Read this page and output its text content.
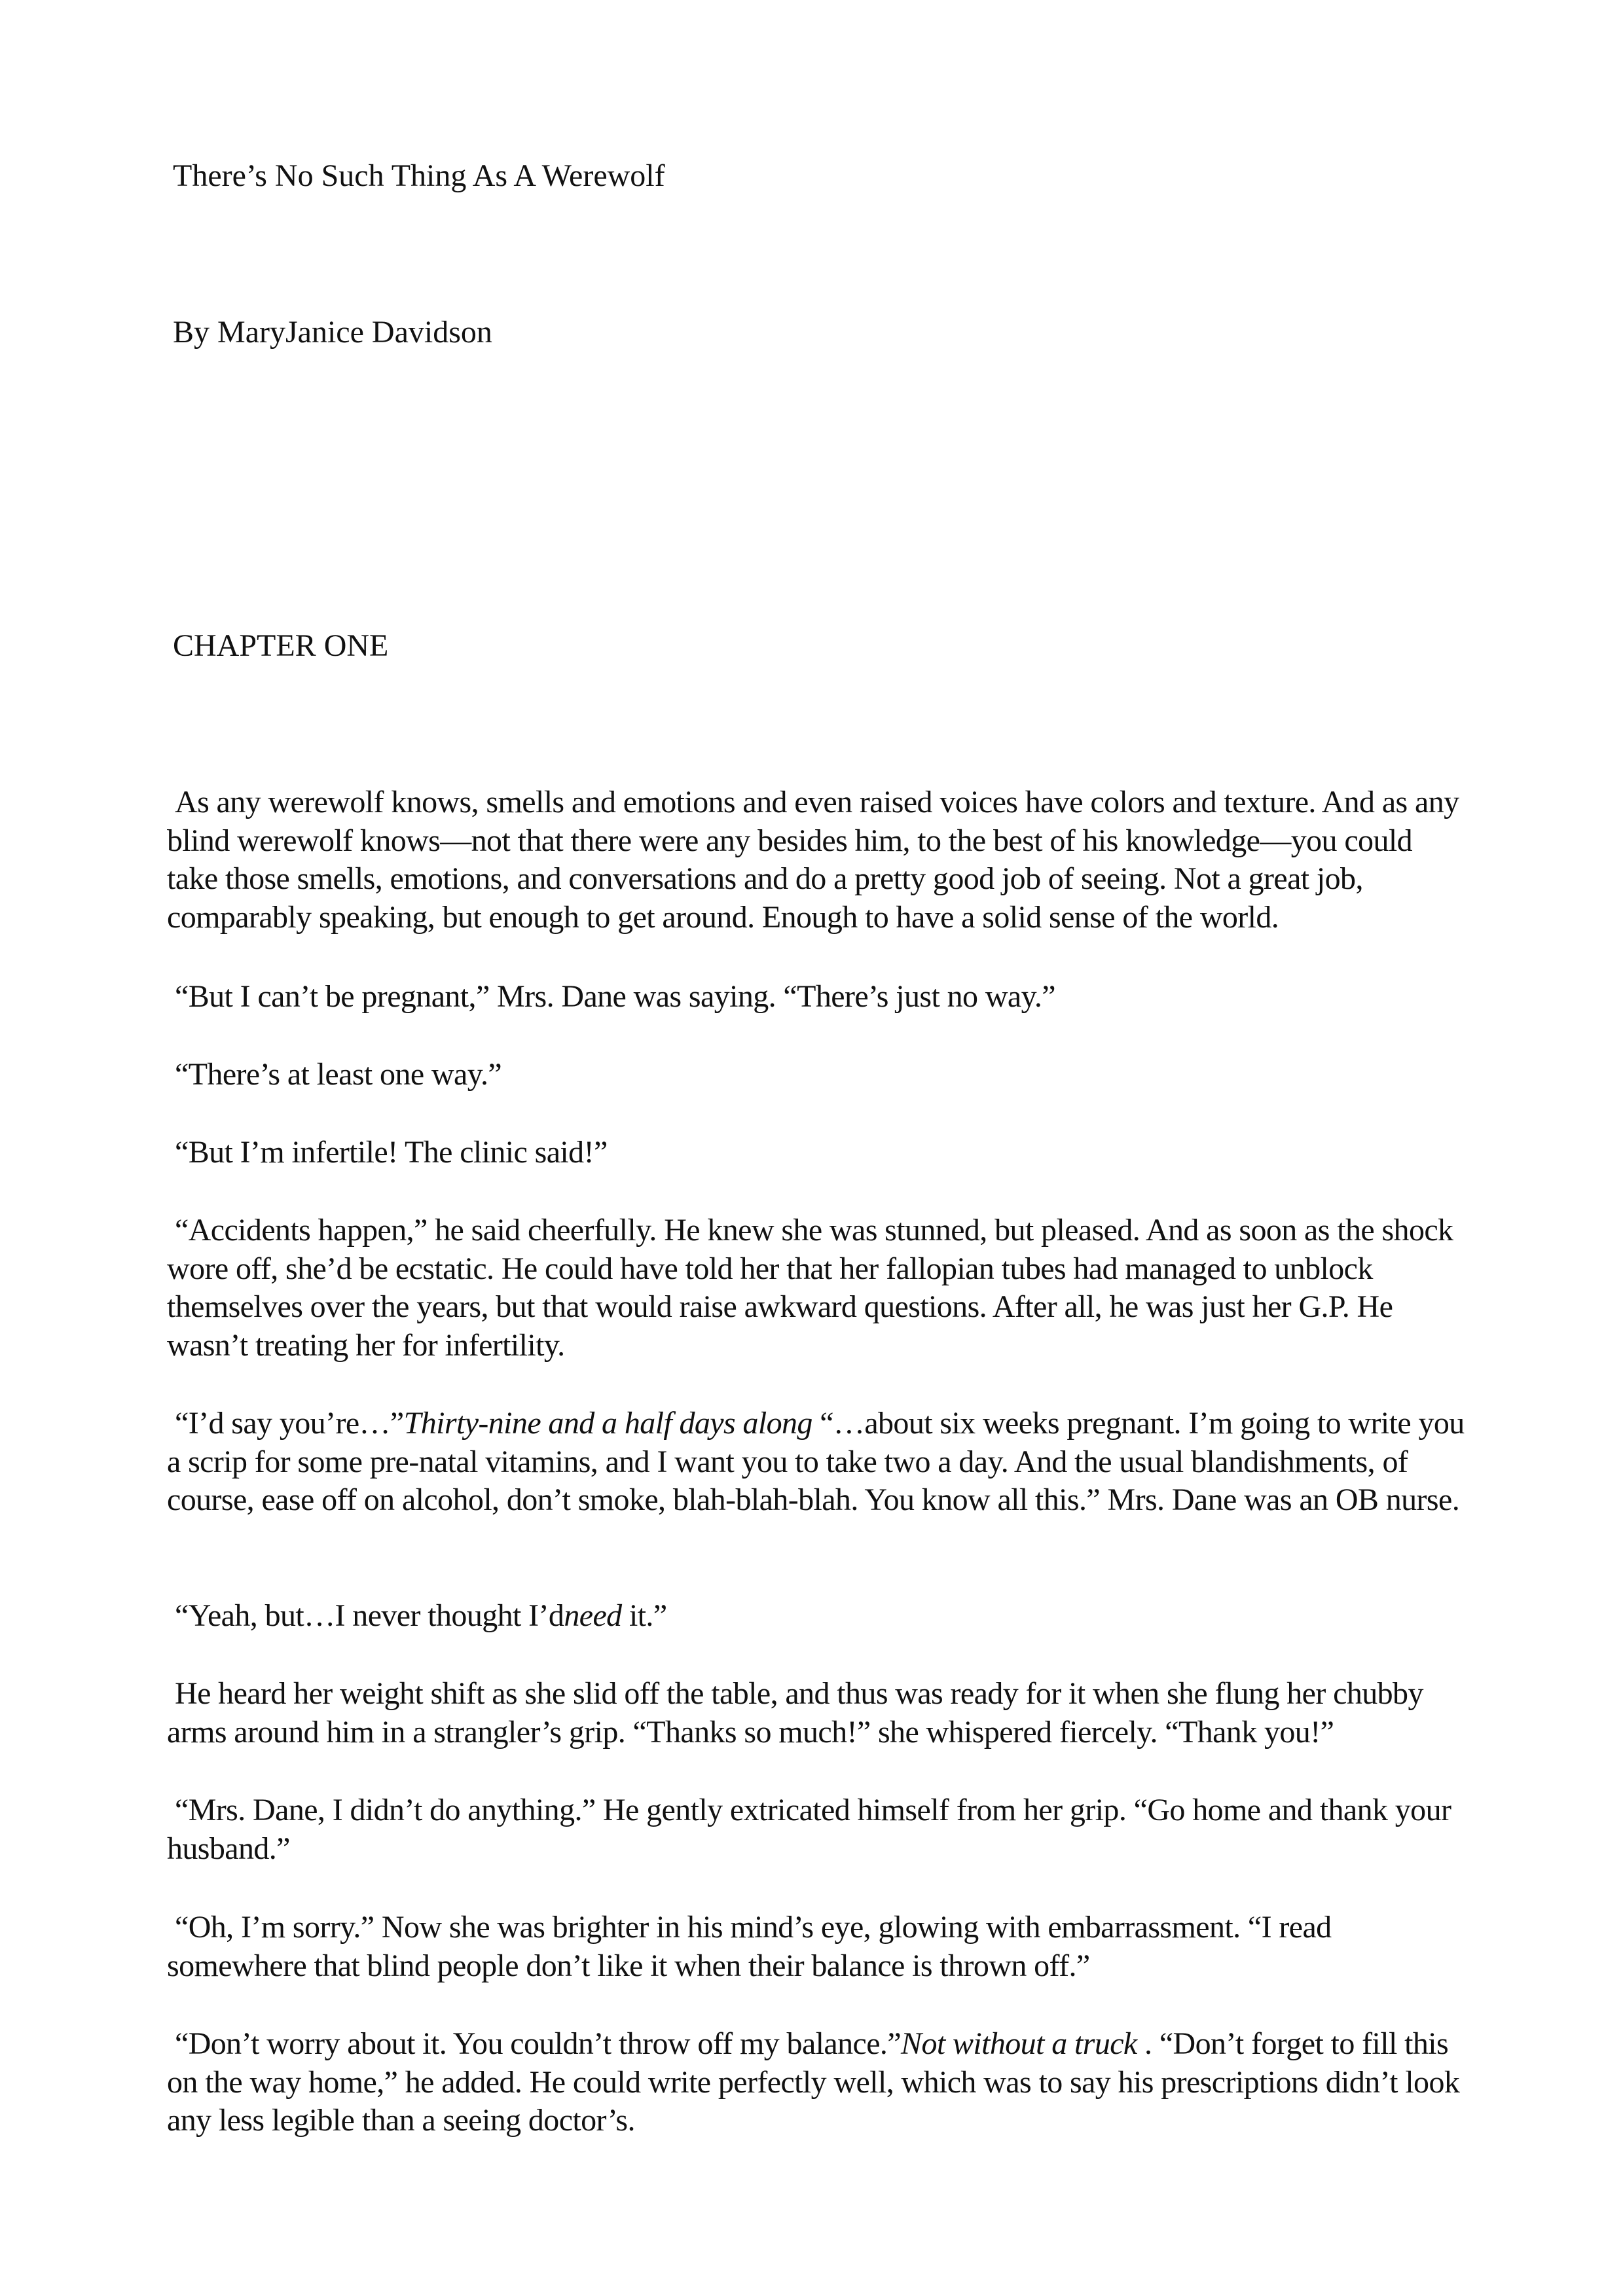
There’s No Such Thing As A Werewolf

By MaryJanice Davidson

CHAPTER ONE

As any werewolf knows, smells and emotions and even raised voices have colors and texture. And as any blind werewolf knows—not that there were any besides him, to the best of his knowledge—you could take those smells, emotions, and conversations and do a pretty good job of seeing. Not a great job, comparably speaking, but enough to get around. Enough to have a solid sense of the world.

“But I can’t be pregnant,” Mrs. Dane was saying. “There’s just no way.”

“There’s at least one way.”

“But I’m infertile! The clinic said!”

“Accidents happen,” he said cheerfully. He knew she was stunned, but pleased. And as soon as the shock wore off, she’d be ecstatic. He could have told her that her fallopian tubes had managed to unblock themselves over the years, but that would raise awkward questions. After all, he was just her G.P. He wasn’t treating her for infertility.

“I’d say you’re…”Thirty-nine and a half days along “…about six weeks pregnant. I’m going to write you a scrip for some pre-natal vitamins, and I want you to take two a day. And the usual blandishments, of course, ease off on alcohol, don’t smoke, blah-blah-blah. You know all this.” Mrs. Dane was an OB nurse.

“Yeah, but…I never thought I’dneed it.”

He heard her weight shift as she slid off the table, and thus was ready for it when she flung her chubby arms around him in a strangler’s grip. “Thanks so much!” she whispered fiercely. “Thank you!”

“Mrs. Dane, I didn’t do anything.” He gently extricated himself from her grip. “Go home and thank your husband.”

“Oh, I’m sorry.” Now she was brighter in his mind’s eye, glowing with embarrassment. “I read somewhere that blind people don’t like it when their balance is thrown off.”

“Don’t worry about it. You couldn’t throw off my balance.”Not without a truck . “Don’t forget to fill this on the way home,” he added. He could write perfectly well, which was to say his prescriptions didn’t look any less legible than a seeing doctor’s.
